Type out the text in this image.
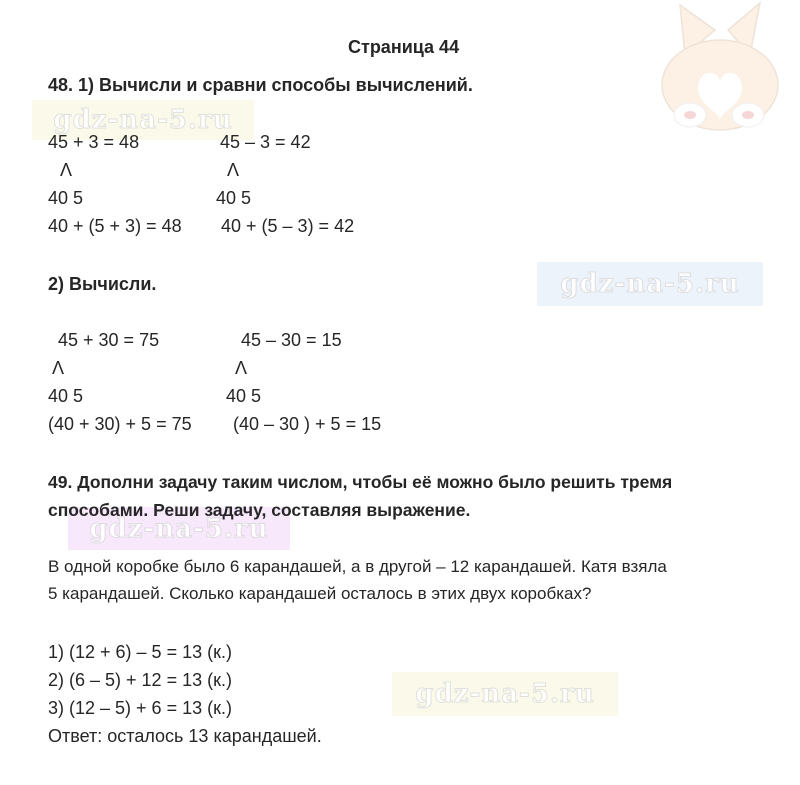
gdz-na-5.ru
gdz-na-5.ru
gdz-na-5.ru
gdz-na-5.ru
Страница 44
48. 1) Вычисли и сравни способы вычислений.
45 + 3 = 48
Λ
40 5
40 + (5 + 3) = 48
45 – 3 = 42
Λ
40 5
40 + (5 – 3) = 42
2) Вычисли.
45 + 30 = 75
Λ
40 5
(40 + 30) + 5 = 75
45 – 30 = 15
Λ
40 5
(40 – 30 ) + 5 = 15
49. Дополни задачу таким числом, чтобы её можно было решить тремя
способами. Реши задачу, составляя выражение.
В одной коробке было 6 карандашей, а в другой – 12 карандашей. Катя взяла
5 карандашей. Сколько карандашей осталось в этих двух коробках?
1) (12 + 6) – 5 = 13 (к.)
2) (6 – 5) + 12 = 13 (к.)
3) (12 – 5) + 6 = 13 (к.)
Ответ: осталось 13 карандашей.
